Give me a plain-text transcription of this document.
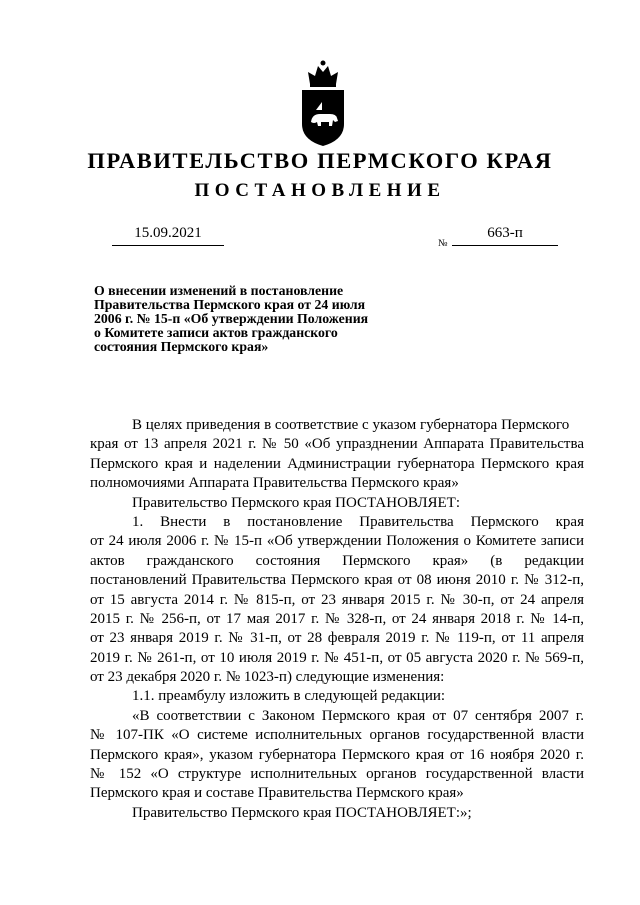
ПРАВИТЕЛЬСТВО ПЕРМСКОГО КРАЯ
ПОСТАНОВЛЕНИЕ
15.09.2021
№
663-п
О внесении изменений в постановление
Правительства Пермского края от 24 июля
2006 г. № 15-п «Об утверждении Положения
о Комитете записи актов гражданского
состояния Пермского края»
В целях приведения в соответствие с указом губернатора Пермского
края от 13 апреля 2021 г. № 50 «Об упразднении Аппарата Правительства
Пермского края и наделении Администрации губернатора Пермского края
полномочиями Аппарата Правительства Пермского края»
Правительство Пермского края ПОСТАНОВЛЯЕТ:
1. Внести в постановление Правительства Пермского края
от 24 июля 2006 г. № 15-п «Об утверждении Положения о Комитете записи
актов гражданского состояния Пермского края» (в редакции
постановлений Правительства Пермского края от 08 июня 2010 г. № 312-п,
от 15 августа 2014 г. № 815-п, от 23 января 2015 г. № 30-п, от 24 апреля
2015 г. № 256-п, от 17 мая 2017 г. № 328-п, от 24 января 2018 г. № 14-п,
от 23 января 2019 г. № 31-п, от 28 февраля 2019 г. № 119-п, от 11 апреля
2019 г. № 261-п, от 10 июля 2019 г. № 451-п, от 05 августа 2020 г. № 569-п,
от 23 декабря 2020 г. № 1023-п) следующие изменения:
1.1. преамбулу изложить в следующей редакции:
«В соответствии с Законом Пермского края от 07 сентября 2007 г.
№ 107-ПК «О системе исполнительных органов государственной власти
Пермского края», указом губернатора Пермского края от 16 ноября 2020 г.
№ 152 «О структуре исполнительных органов государственной власти
Пермского края и составе Правительства Пермского края»
Правительство Пермского края ПОСТАНОВЛЯЕТ:»;
